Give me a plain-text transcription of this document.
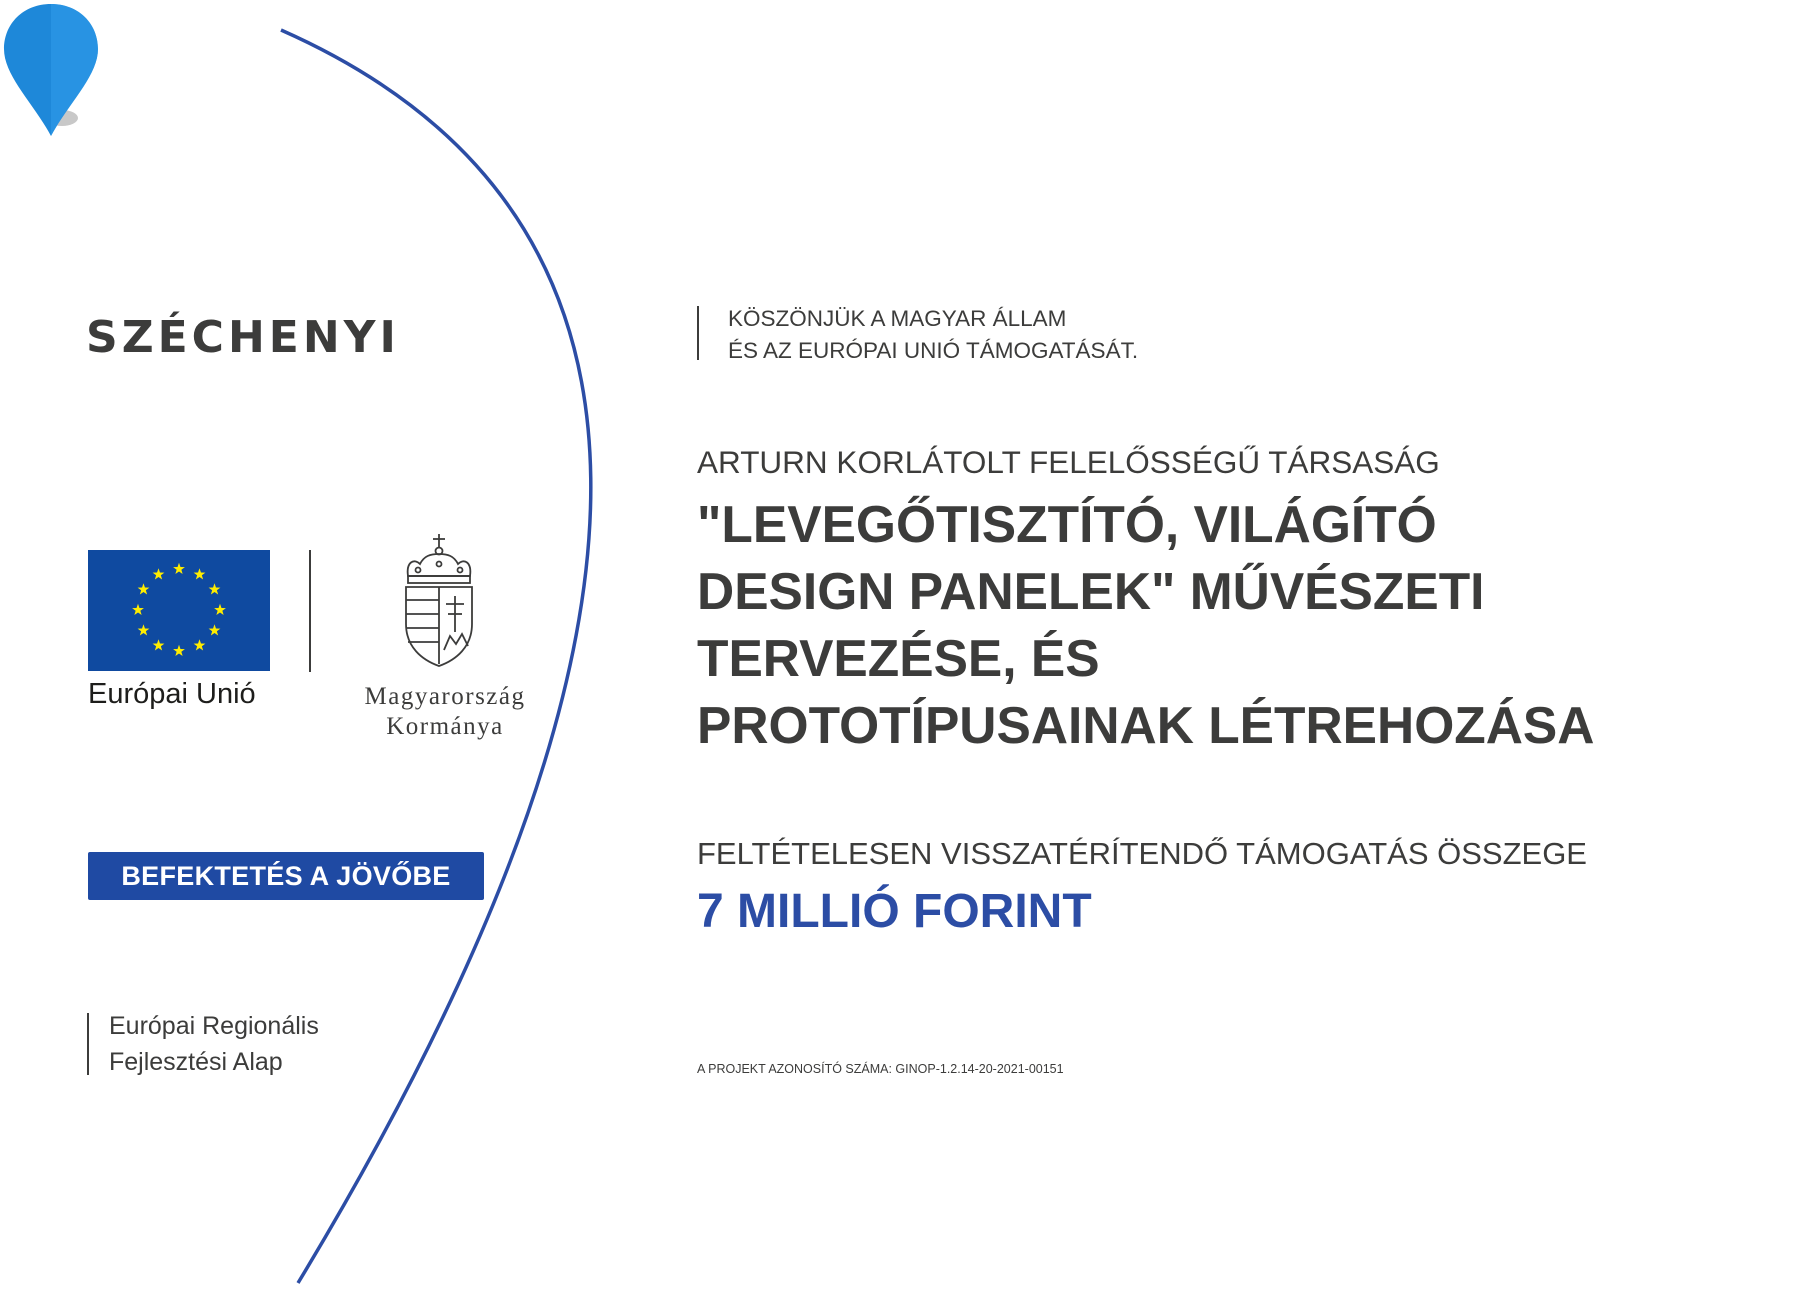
SZÉCHENYI 2020
Európai Unió	Magyarország
Kormánya
BEFEKTETÉS A JÖVŐBE
Európai Regionális
Fejlesztési Alap
KÖSZÖNJÜK A MAGYAR ÁLLAM
ÉS AZ EURÓPAI UNIÓ TÁMOGATÁSÁT.
ARTURN KORLÁTOLT FELELŐSSÉGŰ TÁRSASÁG
"LEVEGŐTISZTÍTÓ, VILÁGÍTÓ
DESIGN PANELEK" MŰVÉSZETI
TERVEZÉSE, ÉS
PROTOTÍPUSAINAK LÉTREHOZÁSA
FELTÉTELESEN VISSZATÉRÍTENDŐ TÁMOGATÁS ÖSSZEGE
7 MILLIÓ FORINT
A PROJEKT AZONOSÍTÓ SZÁMA: GINOP-1.2.14-20-2021-00151
